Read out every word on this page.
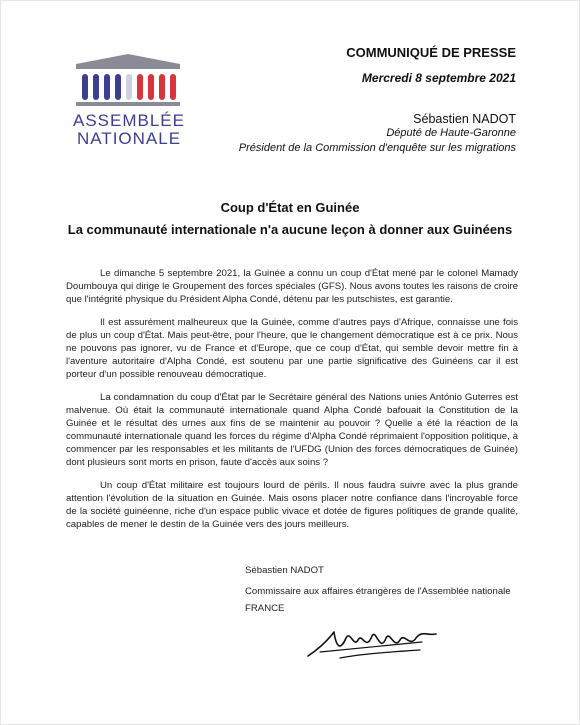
ASSEMBLÉE
NATIONALE
COMMUNIQUÉ DE PRESSE
Mercredi 8 septembre 2021
Sébastien NADOT
Député de Haute-Garonne
Président de la Commission d'enquête sur les migrations
Coup d'État en Guinée
La communauté internationale n'a aucune leçon à donner aux Guinéens

Le dimanche 5 septembre 2021, la Guinée a connu un coup d'État mené par le colonel Mamady Doumbouya qui dirige le Groupement des forces spéciales (GFS). Nous avons toutes les raisons de croire que l'intégrité physique du Président Alpha Condé, détenu par les putschistes, est garantie.

Il est assurément malheureux que la Guinée, comme d'autres pays d'Afrique, connaisse une fois de plus un coup d'État. Mais peut-être, pour l'heure, que le changement démocratique est à ce prix. Nous ne pouvons pas ignorer, vu de France et d'Europe, que ce coup d'État, qui semble devoir mettre fin à l'aventure autoritaire d'Alpha Condé, est soutenu par une partie significative des Guinéens car il est porteur d'un possible renouveau démocratique.

La condamnation du coup d'État par le Secrétaire général des Nations unies António Guterres est malvenue. Où était la communauté internationale quand Alpha Condé bafouait la Constitution de la Guinée et le résultat des urnes aux fins de se maintenir au pouvoir ? Quelle a été la réaction de la communauté internationale quand les forces du régime d'Alpha Condé réprimaient l'opposition politique, à commencer par les responsables et les militants de l'UFDG (Union des forces démocratiques de Guinée) dont plusieurs sont morts en prison, faute d'accès aux soins ?

Un coup d'État militaire est toujours lourd de périls. Il nous faudra suivre avec la plus grande attention l'évolution de la situation en Guinée. Mais osons placer notre confiance dans l'incroyable force de la société guinéenne, riche d'un espace public vivace et dotée de figures politiques de grande qualité, capables de mener le destin de la Guinée vers des jours meilleurs.

Sébastien NADOT
Commissaire aux affaires étrangères de l'Assemblée nationale
FRANCE
